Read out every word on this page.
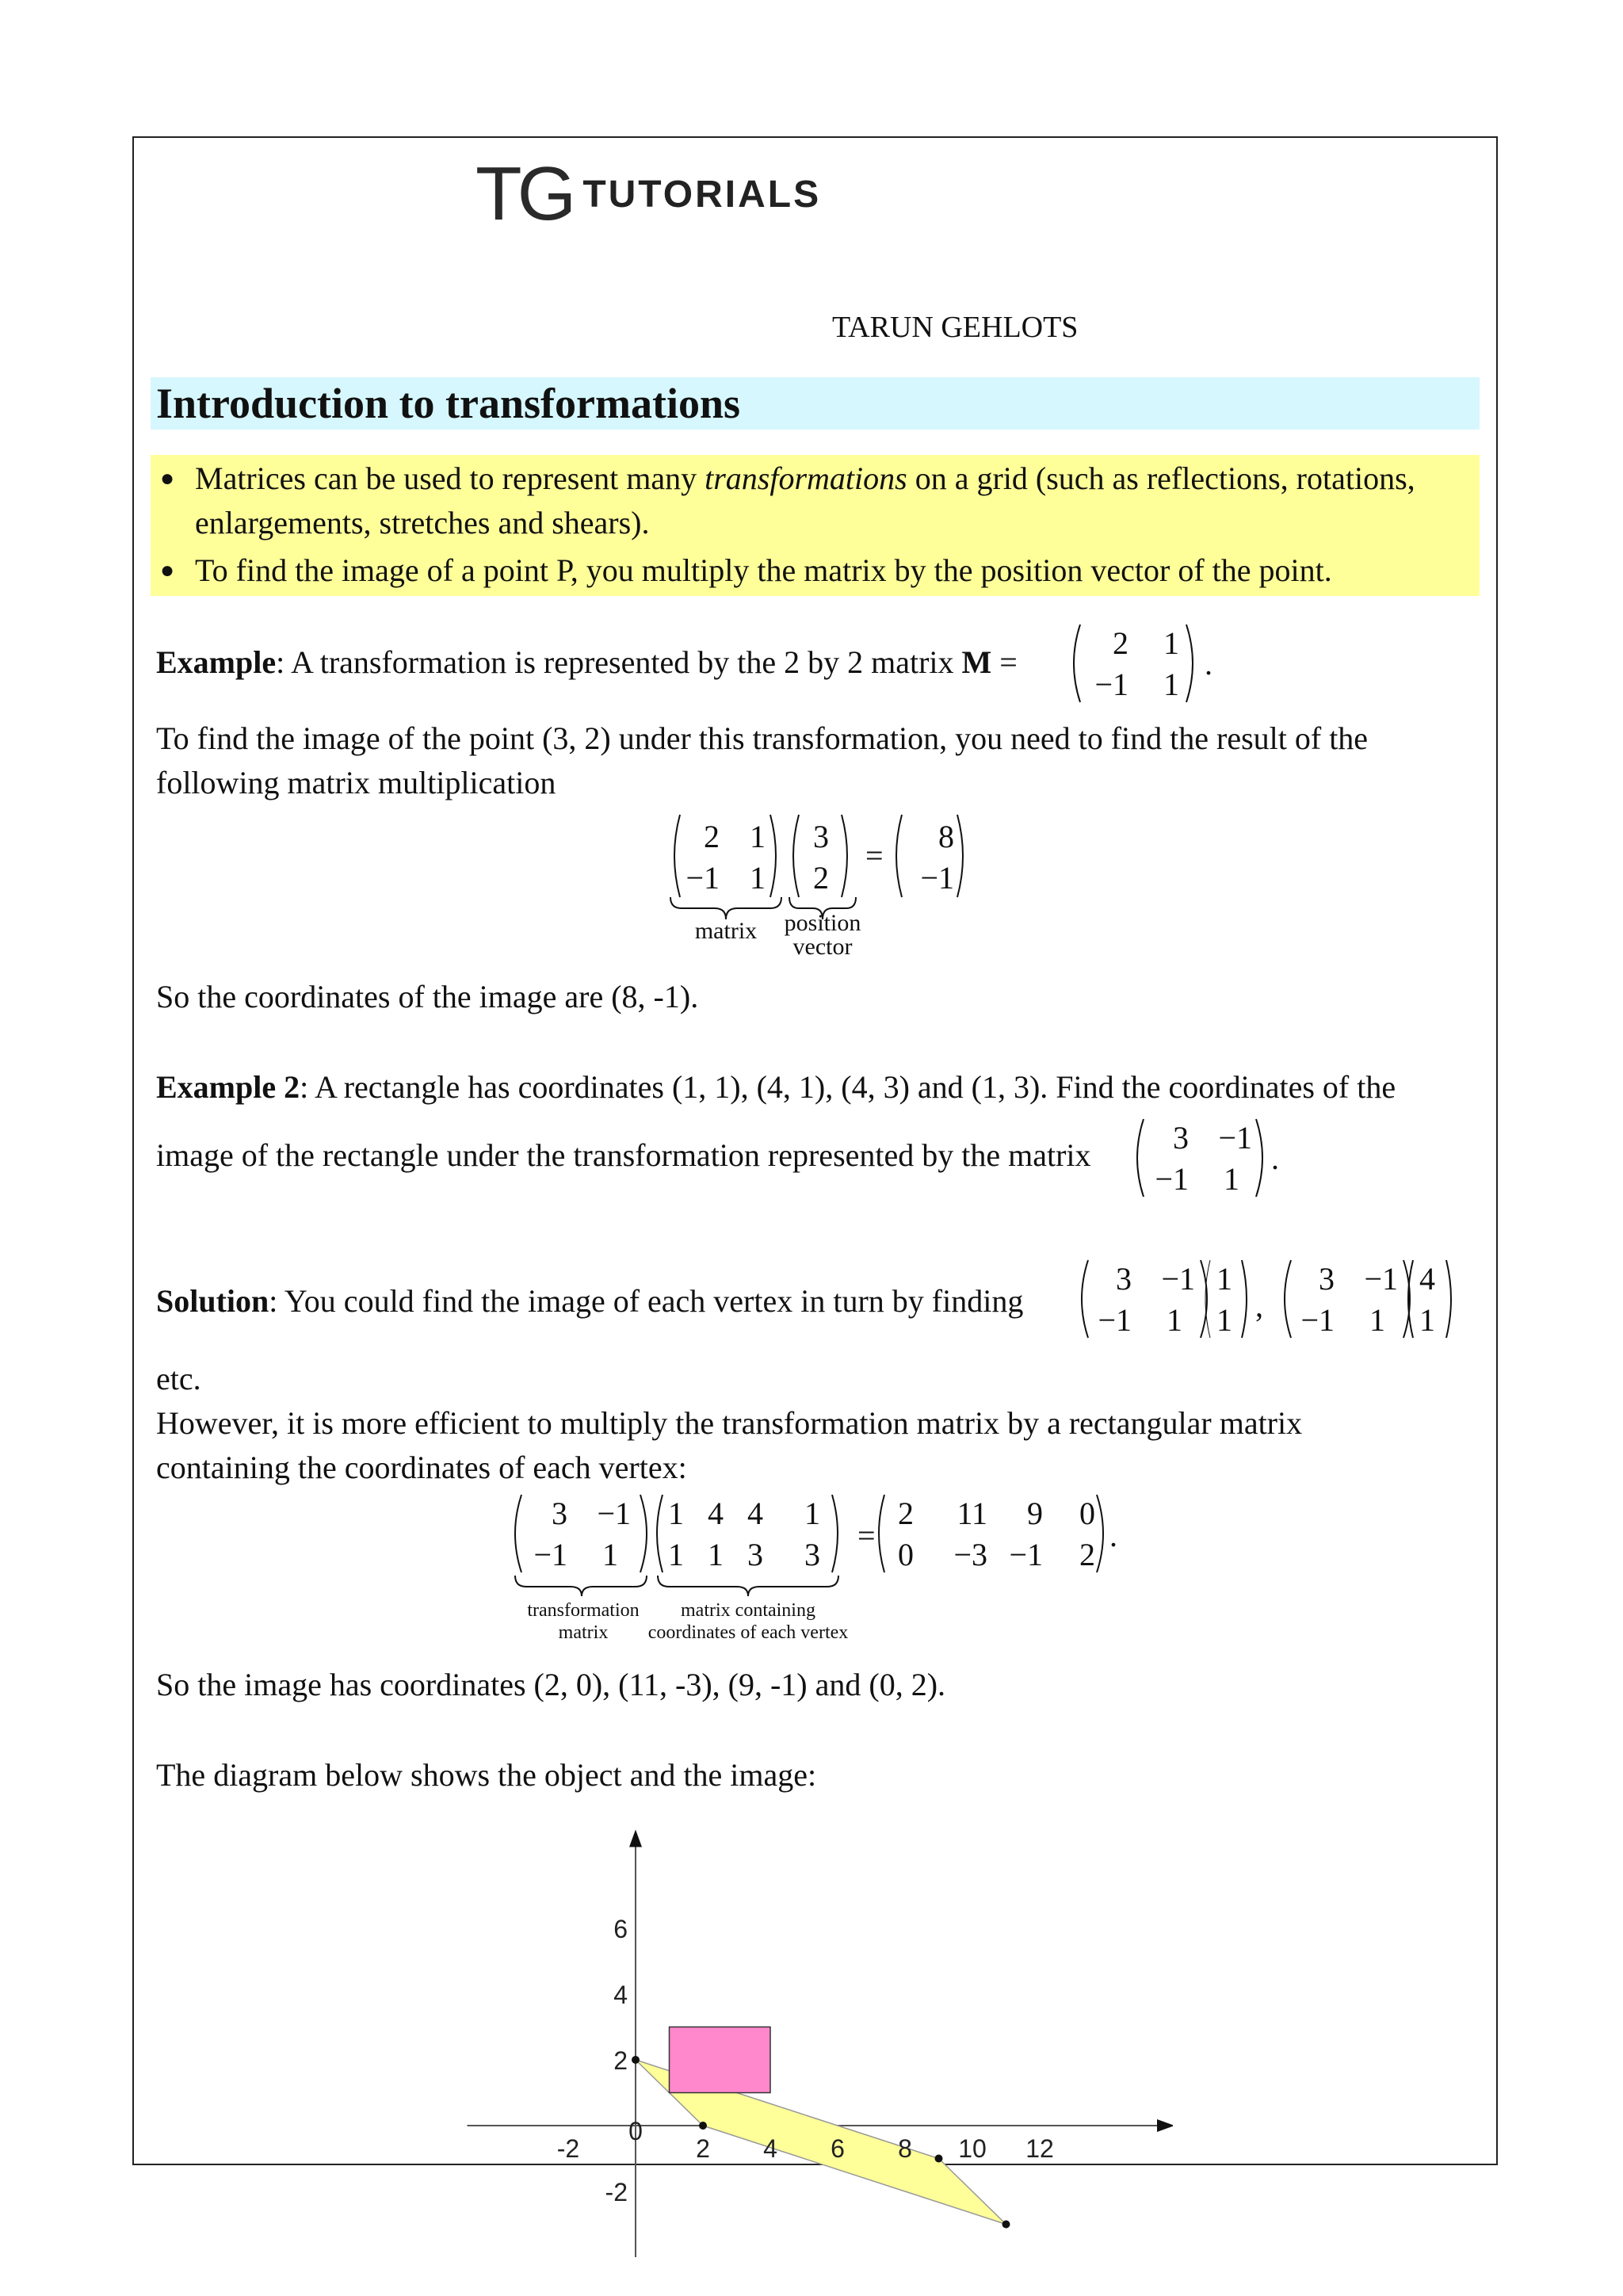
TG TUTORIALS
TARUN GEHLOTS
Introduction to transformations
● Matrices can be used to represent many transformations on a grid (such as reflections, rotations,
enlargements, stretches and shears).
● To find the image of a point P, you multiply the matrix by the position vector of the point.
Example: A transformation is represented by the 2 by 2 matrix M =
2	1
−1	1
.
To find the image of the point (3, 2) under this transformation, you need to find the result of the
following matrix multiplication
2 1
−1 1
3
2
=
8
−1
matrix	position
vector
So the coordinates of the image are (8, -1).
Example 2: A rectangle has coordinates (1, 1), (4, 1), (4, 3) and (1, 3). Find the coordinates of the
image of the rectangle under the transformation represented by the matrix	3 −1
−1	1
.
Solution: You could find the image of each vertex in turn by finding
3 −1
−1	1
1
1 ,
3 −1
−1	1
4
1
etc.
However, it is more efficient to multiply the transformation matrix by a rectangular matrix
containing the coordinates of each vertex:
3 −1
−1	1
1 4 4 1
1 1 3 3
=
2	11	9	0
0	−3 −1	2
.
transformation
matrix
matrix containing
coordinates of each vertex
So the image has coordinates (2, 0), (11, -3), (9, -1) and (0, 2).
The diagram below shows the object and the image:
-2	2 4 6 8 10 12
6
4
2
-2
0
